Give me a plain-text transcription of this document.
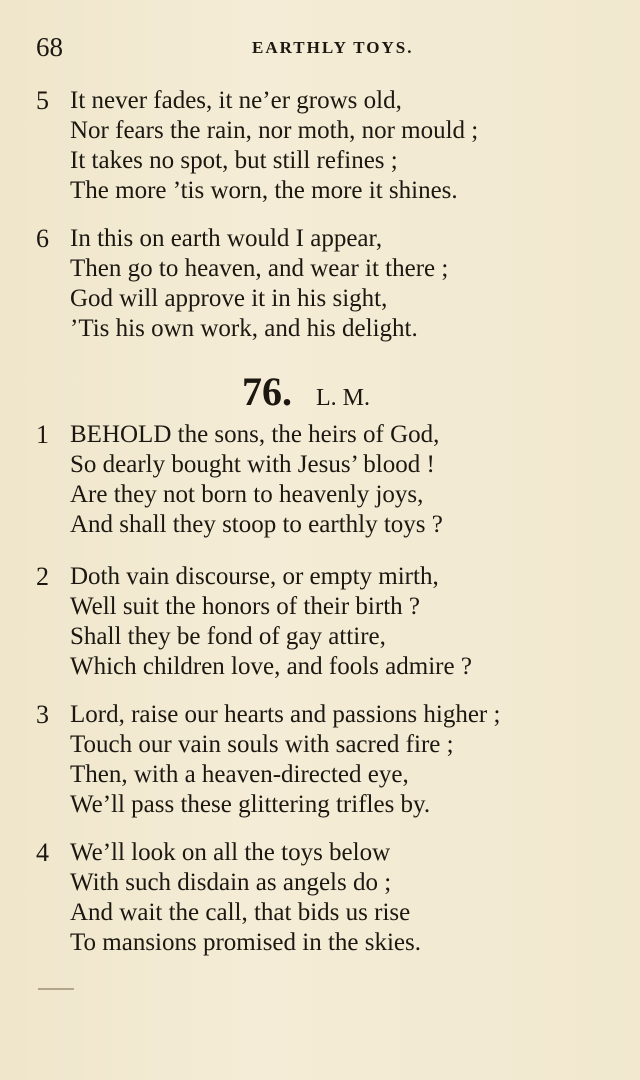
68	EARTHLY TOYS.
5 It never fades, it ne’er grows old,
Nor fears the rain, nor moth, nor mould ;
It takes no spot, but still refines ;
The more ’tis worn, the more it shines.
6 In this on earth would I appear,
Then go to heaven, and wear it there ;
God will approve it in his sight,
’Tis his own work, and his delight.
76. L. M.
1 BEHOLD the sons, the heirs of God,
So dearly bought with Jesus’ blood !
Are they not born to heavenly joys,
And shall they stoop to earthly toys ?
2 Doth vain discourse, or empty mirth,
Well suit the honors of their birth ?
Shall they be fond of gay attire,
Which children love, and fools admire ?
3 Lord, raise our hearts and passions higher ;
Touch our vain souls with sacred fire ;
Then, with a heaven-directed eye,
We’ll pass these glittering trifles by.
4 We’ll look on all the toys below
With such disdain as angels do ;
And wait the call, that bids us rise
To mansions promised in the skies.
